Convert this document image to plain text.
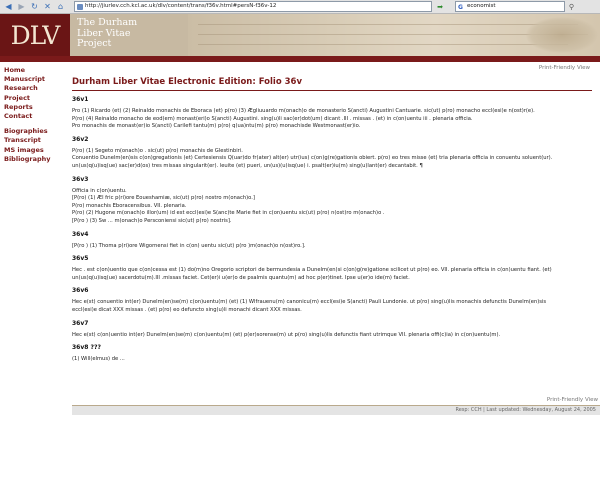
◀ ▶ ↻ ✕ ⌂	http://jiurlev.cch.kcl.ac.uk/dlv/content/trans/f36v.html#persN-f36v-12	➡	G economist	⚲
DLV	The Durham
Liber Vitae
Project
Home
Manuscript
Research
Project
Reports
Contact
Biographies
Transcript
MS images
Bibliography
Print-Friendly View
Durham Liber Vitae Electronic Edition: Folio 36v
36v1
Pro (1) Ricardo (et) (2) Reinaldo monachis de Eboraca (et) p(ro) (3) Ægliuuardo m(onach)o de monasterio S(ancti) Augustini Cantuarie. sic(ut) p(ro) monacho eccl(esi)e n(ost)r(e).
P(ro) (4) Reinaldo monacho de eod(em) monast(eri)o S(ancti) Augustini. sing(u)li sac(er)dot(um) dicant .III . missas . (et) in c(on)uentu iii . plenaria officia.
Pro monachis de monast(er)io S(ancti) Carilefi tantu(m) p(ro) q(ua)ntu(m) p(ro) monachisde Westmonast(er)io.
36v2
P(ro) (1) Segeto m(onach)o . sic(ut) p(ro) monachis de Glestinbiri.
Conuentio Dunelm(en)sis c(on)gregationis (et) Certesiensis Q(uar)do fr(ater) alt(er) utr(ius) c(on)g(re)gationis obiert. p(ro) eo tres misse (et) tria plenaria officia in conuentu soluent(ur).
un(us)q(u)isq(ue) sac(er)d(os) tres missas singularit(er). leuite (et) pueri, un(us)(u)isq(ue) i. psalt(er)iu(m) sing(u)lant(er) decantabit. ¶
36v3
Officia in c(on)uentu.
[P(ro) (1) Æl fric p(ri)ore Eoueshamiæ, sic(ut) p(ro) nostro m(onach)o.]
P(ro) monachis Eboracensibus. VII. plenaria.
P(ro) (2) Hugone m(onach)o illor(um) id est eccl(esi)e S(anc)te Marie fiet in c(on)uentu sic(ut) p(ro) n(ost)ro m(onach)o .
[P(ro ) (3) Sw ... m(onach)o Persconiensi sic(ut) p(ro) nostris].
36v4
[P(ro ) (1) Thoma p(ri)ore Wigornensi fiet in c(on) uentu sic(ut) p(ro )m(onach)o n(ost)ro.].
36v5
Hec . est c(on)uentio que c(on)cessa est (1) do(m)no Oregorio scriptori de bermundesia a Dunelm(en)si c(on)g(re)gatione scilicet ut p(ro) eo. VII. plenaria officia in c(on)uentu fiant. (et)
un(us)q(u)isq(ue) sacerdotu(m).III .missas faciet. Cet(er)i u(er)o de psalmis quantu(m) ad hoc p(er)tinet. Ipse u(er)o ide(m) faciet.
36v6
Hec e(st) conuentio int(er) Dunelm(en)se(m) c(on)uentu(m) (et) (1) Wlfrauenu(m) canonicu(m) eccl(esi)e S(ancti) Pauli Lundonie. ut p(ro) sing(u)lis monachis defunctis Dunelm(en)sis
eccl(esi)e dicat XXX missas . (et) p(ro) eo defuncto sing(u)li monachi dicant XXX missas.
36v7
Hec e(st) c(on)uentio int(er) Dunelm(en)se(m) c(on)uentu(m) (et) p(er)sorense(m) ut p(ro) sing(u)lis defunctis fiant utrimque VII. plenaria offi(c)ia) in c(on)uentu(m).
36v8 ???
(1) Will(elmus) de ...
Print-Friendly View
Resp: CCH | Last updated: Wednesday, August 24, 2005
